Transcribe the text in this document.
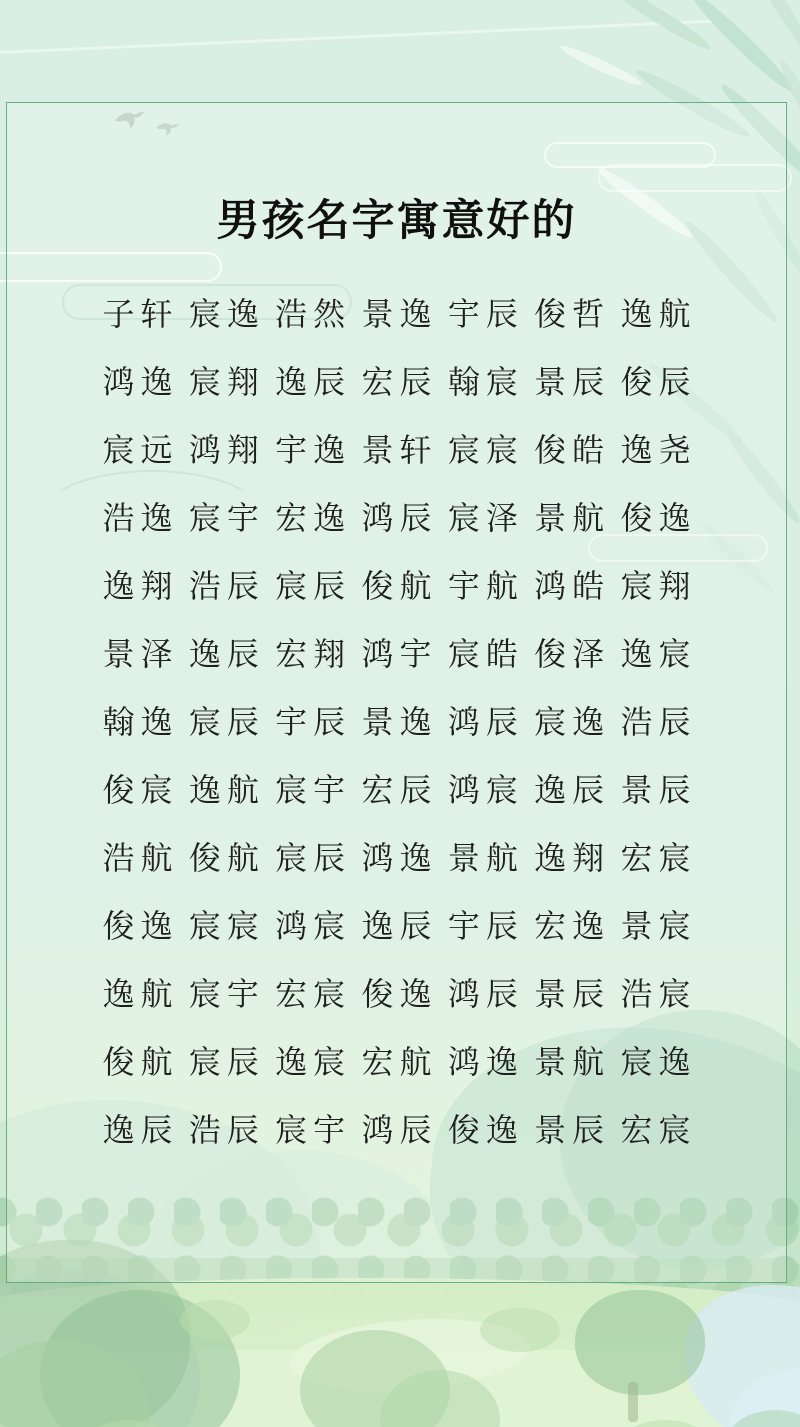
男孩名字寓意好的
子轩 宸逸 浩然 景逸 宇辰 俊哲 逸航
鸿逸 宸翔 逸辰 宏辰 翰宸 景辰 俊辰
宸远 鸿翔 宇逸 景轩 宸宸 俊皓 逸尧
浩逸 宸宇 宏逸 鸿辰 宸泽 景航 俊逸
逸翔 浩辰 宸辰 俊航 宇航 鸿皓 宸翔
景泽 逸辰 宏翔 鸿宇 宸皓 俊泽 逸宸
翰逸 宸辰 宇辰 景逸 鸿辰 宸逸 浩辰
俊宸 逸航 宸宇 宏辰 鸿宸 逸辰 景辰
浩航 俊航 宸辰 鸿逸 景航 逸翔 宏宸
俊逸 宸宸 鸿宸 逸辰 宇辰 宏逸 景宸
逸航 宸宇 宏宸 俊逸 鸿辰 景辰 浩宸
俊航 宸辰 逸宸 宏航 鸿逸 景航 宸逸
逸辰 浩辰 宸宇 鸿辰 俊逸 景辰 宏宸
